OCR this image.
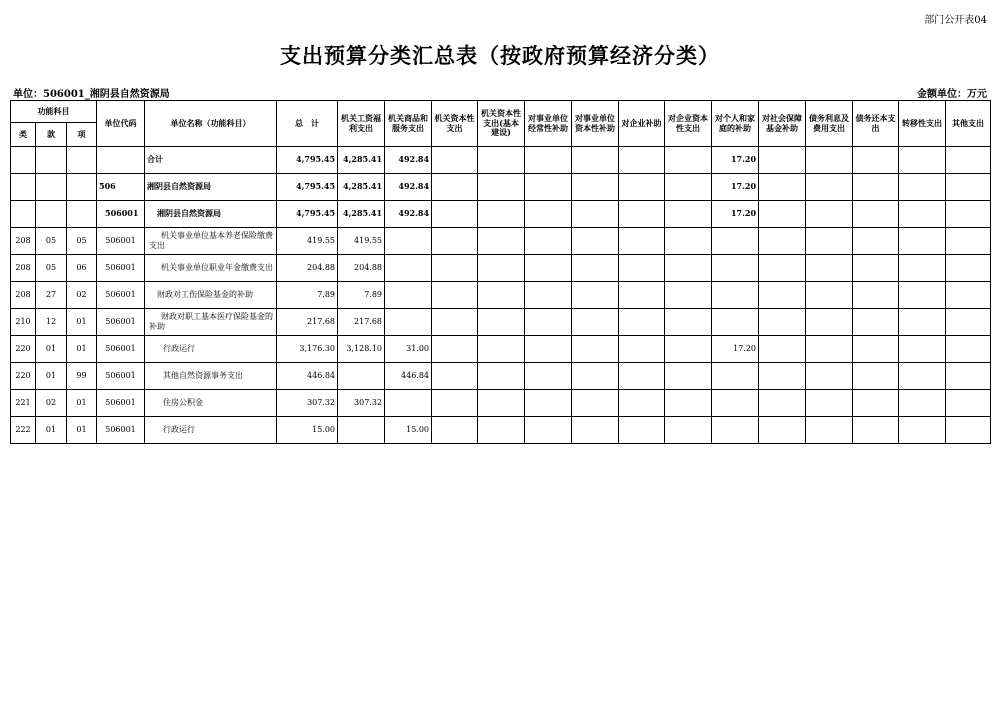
部门公开表04
支出预算分类汇总表（按政府预算经济分类）
单位：506001_湘阴县自然资源局	金额单位：万元
功能科目			单位代码	单位名称（功能科目）	总　计	机关工资福利支出	机关商品和服务支出	机关资本性支出	机关资本性支出(基本建设)	对事业单位经常性补助	对事业单位资本性补助	对企业补助	对企业资本性支出	对个人和家庭的补助	对社会保障基金补助	债务利息及费用支出	债务还本支出	转移性支出	其他支出
类	款	项																	
				合计	4,795.45	4,285.41	492.84							17.20					
			506	湘阴县自然资源局	4,795.45	4,285.41	492.84							17.20					
			506001	湘阴县自然资源局	4,795.45	4,285.41	492.84							17.20					
208	05	05	506001	机关事业单位基本养老保险缴费支出	419.55	419.55													
208	05	06	506001	机关事业单位职业年金缴费支出	204.88	204.88													
208	27	02	506001	财政对工伤保险基金的补助	7.89	7.89													
210	12	01	506001	财政对职工基本医疗保险基金的补助	217.68	217.68													
220	01	01	506001	行政运行	3,176.30	3,128.10	31.00							17.20					
220	01	99	506001	其他自然资源事务支出	446.84		446.84												
221	02	01	506001	住房公积金	307.32	307.32													
222	01	01	506001	行政运行	15.00		15.00												
